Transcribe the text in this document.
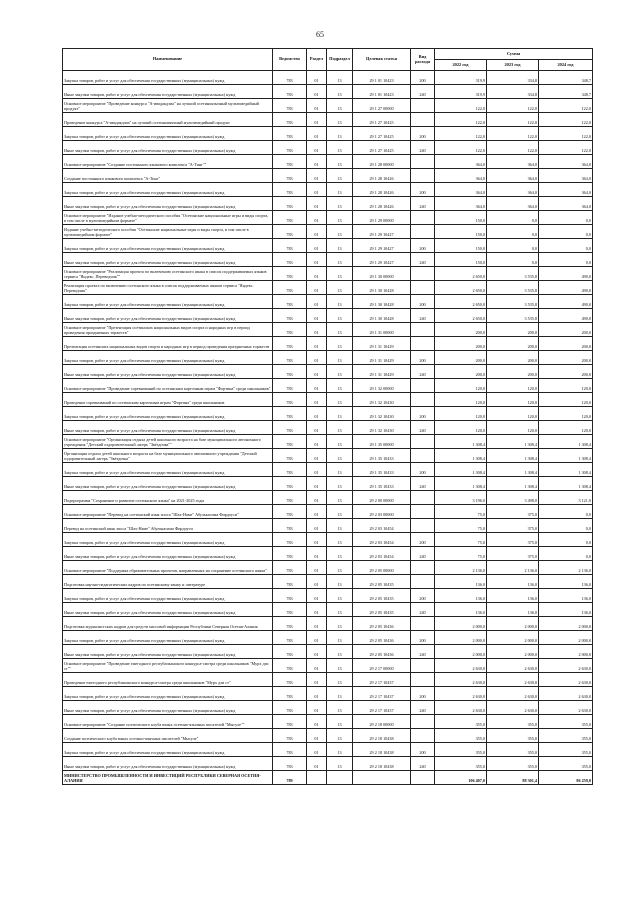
65
Наименование	Ведомство	Раздел	Подраздел	Целевая статья	Вид расхода	Сумма		
						2022 год	2023 год	2024 год
Закупка товаров, работ и услуг для обеспечения государственных (муниципальных) нужд	783	01	13	29 1 01 10423	200	319,9	334,8	348,7
Иные закупки товаров, работ и услуг для обеспечения государственных (муниципальных) нужд	783	01	13	29 1 01 10423	240	319,9	334,8	348,7
Основное мероприятие "Проведение конкурса "А-ивадакдзиа" на лучший осетиноязычный мультимедийный продукт"	783	01	13	29 1 27 00000		122,0	122,0	122,0
Проведение конкурса "А-ивадакдзиа" на лучший осетиноязычный мультимедийный продукт	783	01	13	29 1 27 10425		122,0	122,0	122,0
Закупка товаров, работ и услуг для обеспечения государственных (муниципальных) нужд	783	01	13	29 1 27 10425	200	122,0	122,0	122,0
Иные закупки товаров, работ и услуг для обеспечения государственных (муниципальных) нужд	783	01	13	29 1 27 10425	240	122,0	122,0	122,0
Основное мероприятие "Создание постоянного языкового комплекса "А-Тинг""	783	01	13	29 1 28 00000		364,0	364,0	364,0
Создание постоянного языкового комплекса "А-Тинг"	783	01	13	29 1 28 10426		364,0	364,0	364,0
Закупка товаров, работ и услуг для обеспечения государственных (муниципальных) нужд	783	01	13	29 1 28 10426	200	364,0	364,0	364,0
Иные закупки товаров, работ и услуг для обеспечения государственных (муниципальных) нужд	783	01	13	29 1 28 10426	240	364,0	364,0	364,0
Основное мероприятие "Издание учебно-методического пособия "Осетинские национальные игры и виды спорта, в том числе в мультимедийном формате"	783	01	13	29 1 29 00000		150,0	0,0	0,0
Издание учебно-методического пособия "Осетинские национальные игры и виды спорта, в том числе в мультимедийном формате"	783	01	13	29 1 29 10427		150,0	0,0	0,0
Закупка товаров, работ и услуг для обеспечения государственных (муниципальных) нужд	783	01	13	29 1 29 10427	200	150,0	0,0	0,0
Иные закупки товаров, работ и услуг для обеспечения государственных (муниципальных) нужд	783	01	13	29 1 29 10427	240	150,0	0,0	0,0
Основное мероприятие "Реализация проекта по включению осетинского языка в список поддерживаемых языков сервиса "Яндекс. Переводчик""	783	01	13	29 1 30 00000		2 650,0	3 535,8	490,0
Реализация проекта по включению осетинского языка в список поддерживаемых языков сервиса "Яндекс. Переводчик"	783	01	13	29 1 30 10428		2 650,0	3 535,8	490,0
Закупка товаров, работ и услуг для обеспечения государственных (муниципальных) нужд	783	01	13	29 1 30 10428	200	2 650,0	3 535,8	490,0
Иные закупки товаров, работ и услуг для обеспечения государственных (муниципальных) нужд	783	01	13	29 1 30 10428	240	2 650,0	3 535,8	490,0
Основное мероприятие "Презентация осетинских национальных видов спорта и народных игр в период проведения праздничных торжеств"	783	01	13	29 1 31 00000		200,0	200,0	200,0
Презентация осетинских национальных видов спорта и народных игр в период проведения праздничных торжеств	783	01	13	29 1 31 10429		200,0	200,0	200,0
Закупка товаров, работ и услуг для обеспечения государственных (муниципальных) нужд	783	01	13	29 1 31 10429	200	200,0	200,0	200,0
Иные закупки товаров, работ и услуг для обеспечения государственных (муниципальных) нужд	783	01	13	29 1 31 10429	240	200,0	200,0	200,0
Основное мероприятие "Проведение соревнований по осетинским карточным играм "Фортина" среди школьников"	783	01	13	29 1 32 00000		120,0	120,0	120,0
Проведение соревнований по осетинским карточным играм "Фортина" среди школьников	783	01	13	29 1 32 10430		120,0	120,0	120,0
Закупка товаров, работ и услуг для обеспечения государственных (муниципальных) нужд	783	01	13	29 1 32 10430	200	120,0	120,0	120,0
Иные закупки товаров, работ и услуг для обеспечения государственных (муниципальных) нужд	783	01	13	29 1 32 10430	240	120,0	120,0	120,0
Основное мероприятие "Организация отдыха детей школьного возраста на базе муниципального автономного учреждения "Детский оздоровительный лагерь "Звёздочка""	783	01	13	29 1 35 00000		1 308,4	1 308,4	1 308,4
Организация отдыха детей школьного возраста на базе муниципального автономного учреждения "Детский оздоровительный лагерь "Звёздочка"	783	01	13	29 1 35 10433		1 308,4	1 308,4	1 308,4
Закупка товаров, работ и услуг для обеспечения государственных (муниципальных) нужд	783	01	13	29 1 35 10433	200	1 308,4	1 308,4	1 308,4
Иные закупки товаров, работ и услуг для обеспечения государственных (муниципальных) нужд	783	01	13	29 1 35 10433	240	1 308,4	1 308,4	1 308,4
Подпрограмма "Сохранение и развитие осетинского языка" на 2021-2025 годы	783	01	13	29 2 00 00000		3 196,0	3 498,0	3 121,0
Основное мероприятие "Перевод на осетинский язык эпоса "Шах-Наме" Абулькасима Фирдоуси"	783	01	13	29 2 03 00000		75,0	375,0	0,0
Перевод на осетинский язык эпоса "Шах-Наме" Абулькасима Фирдоуси	783	01	13	29 2 03 10454		75,0	375,0	0,0
Закупка товаров, работ и услуг для обеспечения государственных (муниципальных) нужд	783	01	13	29 2 03 10454	200	75,0	375,0	0,0
Иные закупки товаров, работ и услуг для обеспечения государственных (муниципальных) нужд	783	01	13	29 2 03 10454	240	75,0	375,0	0,0
Основное мероприятие "Поддержка образовательных проектов, направленных на сохранение осетинского языка"	783	01	13	29 2 05 00000		2 136,0	2 136,0	2 136,0
Подготовка научно-педагогических кадров по осетинскому языку и литературе	783	01	13	29 2 05 10435		136,0	136,0	136,0
Закупка товаров, работ и услуг для обеспечения государственных (муниципальных) нужд	783	01	13	29 2 05 10435	200	136,0	136,0	136,0
Иные закупки товаров, работ и услуг для обеспечения государственных (муниципальных) нужд	783	01	13	29 2 05 10435	240	136,0	136,0	136,0
Подготовка журналистских кадров для средств массовой информации Республики Северная Осетия-Алания	783	01	13	29 2 05 10436		2 000,0	2 000,0	2 000,0
Закупка товаров, работ и услуг для обеспечения государственных (муниципальных) нужд	783	01	13	29 2 05 10436	200	2 000,0	2 000,0	2 000,0
Иные закупки товаров, работ и услуг для обеспечения государственных (муниципальных) нужд	783	01	13	29 2 05 10436	240	2 000,0	2 000,0	2 000,0
Основное мероприятие "Проведение ежегодного республиканского конкурса-смотра среди школьников "Мурх дзи ст""	783	01	13	29 2 17 00000		2 630,0	2 630,0	2 630,0
Проведение ежегодного республиканского конкурса-смотра среди школьников "Мурх дзи ст"	783	01	13	29 2 17 10437		2 630,0	2 630,0	2 630,0
Закупка товаров, работ и услуг для обеспечения государственных (муниципальных) нужд	783	01	13	29 2 17 10437	200	2 630,0	2 630,0	2 630,0
Иные закупки товаров, работ и услуг для обеспечения государственных (муниципальных) нужд	783	01	13	29 2 17 10437	240	2 630,0	2 630,0	2 630,0
Основное мероприятие "Создание поэтического клуба юных осетино-язычных писателей "Мысуле""	783	01	13	29 2 18 00000		355,0	355,0	355,0
Создание поэтического клуба юных осетино-язычных писателей "Мысуле"	783	01	13	29 2 18 10438		355,0	355,0	355,0
Закупка товаров, работ и услуг для обеспечения государственных (муниципальных) нужд	783	01	13	29 2 18 10438	200	355,0	355,0	355,0
Иные закупки товаров, работ и услуг для обеспечения государственных (муниципальных) нужд	783	01	13	29 2 18 10438	240	355,0	355,0	355,0
МИНИСТЕРСТВО ПРОМЫШЛЕННОСТИ И ИНВЕСТИЦИЙ РЕСПУБЛИКИ СЕВЕРНАЯ ОСЕТИЯ-АЛАНИЯ	789					106 407,0	88 301,4	86 259,0
